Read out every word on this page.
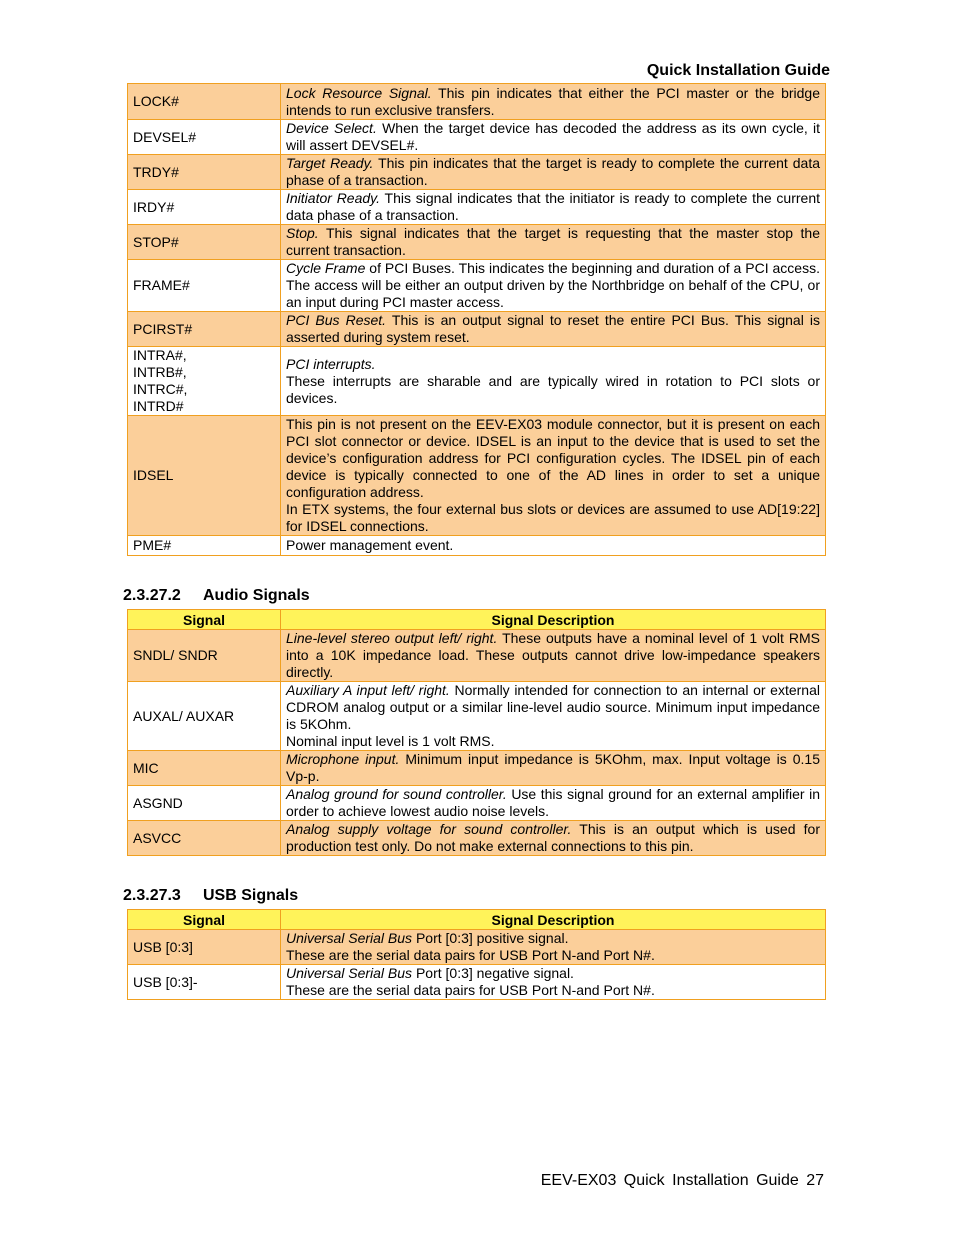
Quick Installation Guide
LOCK#	Lock Resource Signal. This pin indicates that either the PCI master or the bridge intends to run exclusive transfers.
DEVSEL#	Device Select. When the target device has decoded the address as its own cycle, it will assert DEVSEL#.
TRDY#	Target Ready. This pin indicates that the target is ready to complete the current data phase of a transaction.
IRDY#	Initiator Ready. This signal indicates that the initiator is ready to complete the current data phase of a transaction.
STOP#	Stop. This signal indicates that the target is requesting that the master stop the current transaction.
FRAME#	Cycle Frame of PCI Buses. This indicates the beginning and duration of a PCI access. The access will be either an output driven by the Northbridge on behalf of the CPU, or an input during PCI master access.
PCIRST#	PCI Bus Reset. This is an output signal to reset the entire PCI Bus. This signal is asserted during system reset.

INTRA#,
INTRB#,
INTRC#,
INTRD#	PCI interrupts.
These interrupts are sharable and are typically wired in rotation to PCI slots or devices.

IDSEL	This pin is not present on the EEV-EX03 module connector, but it is present on each PCI slot connector or device. IDSEL is an input to the device that is used to set the device’s configuration address for PCI configuration cycles. The IDSEL pin of each device is typically connected to one of the AD lines in order to set a unique configuration address.
In ETX systems, the four external bus slots or devices are assumed to use AD[19:22] for IDSEL connections.

PME#	Power management event.
2.3.27.2 Audio Signals
Signal	Signal Description
SNDL/ SNDR	Line-level stereo output left/ right. These outputs have a nominal level of 1 volt RMS into a 10K impedance load. These outputs cannot drive low-impedance speakers directly.
AUXAL/ AUXAR	Auxiliary A input left/ right. Normally intended for connection to an internal or external CDROM analog output or a similar line-level audio source. Minimum input impedance is 5KOhm.
Nominal input level is 1 volt RMS.

MIC	Microphone input. Minimum input impedance is 5KOhm, max. Input voltage is 0.15 Vp-p.
ASGND	Analog ground for sound controller. Use this signal ground for an external amplifier in order to achieve lowest audio noise levels.
ASVCC	Analog supply voltage for sound controller. This is an output which is used for production test only. Do not make external connections to this pin.
2.3.27.3 USB Signals
Signal	Signal Description
USB [0:3]	Universal Serial Bus Port [0:3] positive signal.
These are the serial data pairs for USB Port N-and Port N#.

USB [0:3]-	Universal Serial Bus Port [0:3] negative signal.
These are the serial data pairs for USB Port N-and Port N#.
EEV-EX03 Quick Installation Guide 27
